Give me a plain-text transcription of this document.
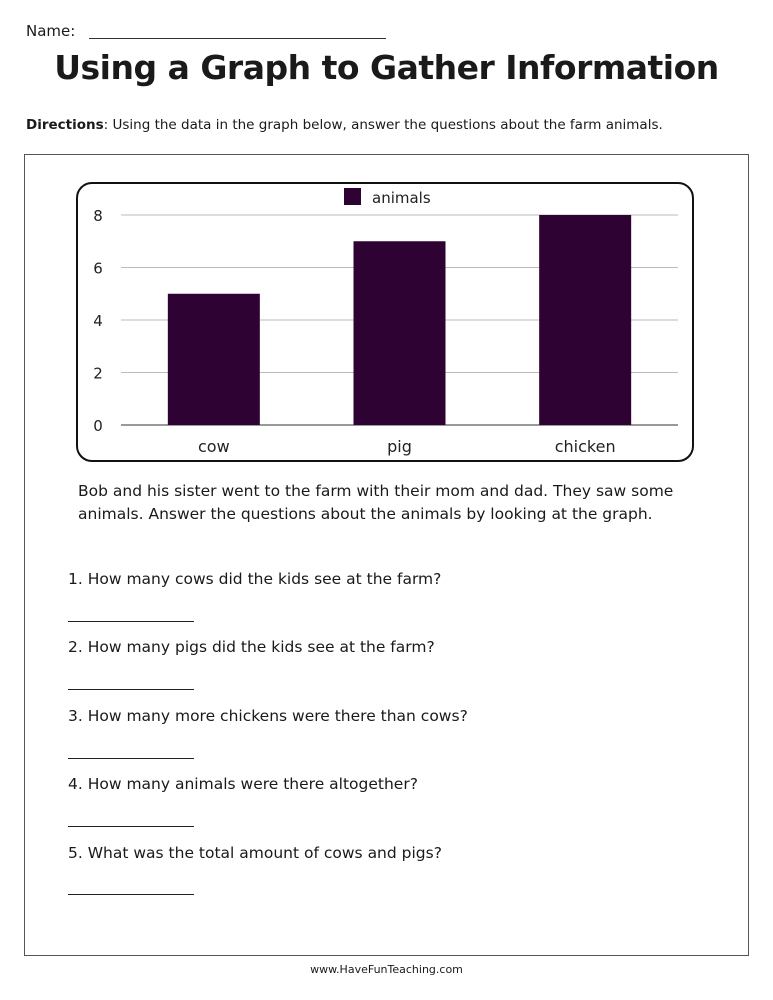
Name:
Using a Graph to Gather Information
Directions: Using the data in the graph below, answer the questions about the farm animals.
0
2
4
6
8
cow	pig	chicken
animals
Bob and his sister went to the farm with their mom and dad. They saw some animals. Answer the questions about the animals by looking at the graph.
1. How many cows did the kids see at the farm?
2. How many pigs did the kids see at the farm?
3. How many more chickens were there than cows?
4. How many animals were there altogether?
5. What was the total amount of cows and pigs?
www.HaveFunTeaching.com
